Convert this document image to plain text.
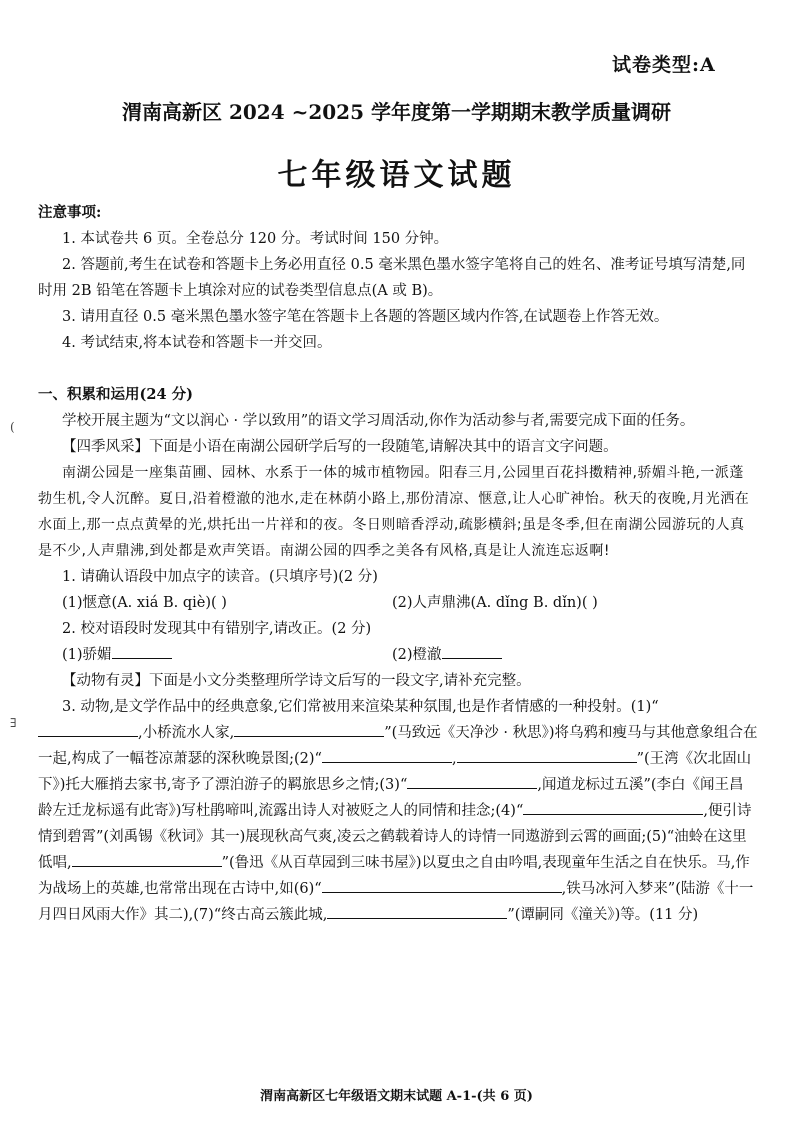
试卷类型:A
渭南高新区 2024 ~2025 学年度第一学期期末教学质量调研
七年级语文试题
(
∃

注意事项:

1. 本试卷共 6 页。全卷总分 120 分。考试时间 150 分钟。

2. 答题前,考生在试卷和答题卡上务必用直径 0.5 毫米黑色墨水签字笔将自己的姓名、准考证号填写清楚,同时用 2B 铅笔在答题卡上填涂对应的试卷类型信息点(A 或 B)。

3. 请用直径 0.5 毫米黑色墨水签字笔在答题卡上各题的答题区域内作答,在试题卷上作答无效。

4. 考试结束,将本试卷和答题卡一并交回。

一、积累和运用(24 分)

学校开展主题为“文以润心 · 学以致用”的语文学习周活动,你作为活动参与者,需要完成下面的任务。

【四季风采】下面是小语在南湖公园研学后写的一段随笔,请解决其中的语言文字问题。

南湖公园是一座集苗圃、园林、水系于一体的城市植物园。阳春三月,公园里百花抖擞精神,骄媚斗艳,一派蓬勃生机,令人沉醉。夏日,沿着橙澈的池水,走在林荫小路上,那份清凉、惬意,让人心旷神怡。秋天的夜晚,月光洒在水面上,那一点点黄晕的光,烘托出一片祥和的夜。冬日则暗香浮动,疏影横斜;虽是冬季,但在南湖公园游玩的人真是不少,人声鼎沸,到处都是欢声笑语。南湖公园的四季之美各有风格,真是让人流连忘返啊!

1. 请确认语段中加点字的读音。(只填序号)(2 分)

(1)惬意(A. xiá B. qiè)( )	(2)人声鼎沸(A. dǐng B. dǐn)( )

2. 校对语段时发现其中有错别字,请改正。(2 分)

(1)骄媚	(2)橙澈

【动物有灵】下面是小文分类整理所学诗文后写的一段文字,请补充完整。

3. 动物,是文学作品中的经典意象,它们常被用来渲染某种氛围,也是作者情感的一种投射。(1)“,小桥流水人家,	”(马致远《天净沙 · 秋思》)将乌鸦和瘦马与其他意象组合在一起,构成了一幅苍凉萧瑟的深秋晚景图;(2)“	,	”(王湾《次北固山下》)托大雁捎去家书,寄予了漂泊游子的羁旅思乡之情;(3)“	,闻道龙标过五溪”(李白《闻王昌龄左迁龙标遥有此寄》)写杜鹃啼叫,流露出诗人对被贬之人的同情和挂念;(4)“	,便引诗情到碧霄”(刘禹锡《秋词》其一)展现秋高气爽,凌云之鹤载着诗人的诗情一同遨游到云霄的画面;(5)“油蛉在这里低唱,	”(鲁迅《从百草园到三味书屋》)以夏虫之自由吟唱,表现童年生活之自在快乐。马,作为战场上的英雄,也常常出现在古诗中,如(6)“	,铁马冰河入梦来”(陆游《十一月四日风雨大作》其二),(7)“终古高云簇此城,	”(谭嗣同《潼关》)等。(11 分)

渭南高新区七年级语文期末试题 A-1-(共 6 页)
